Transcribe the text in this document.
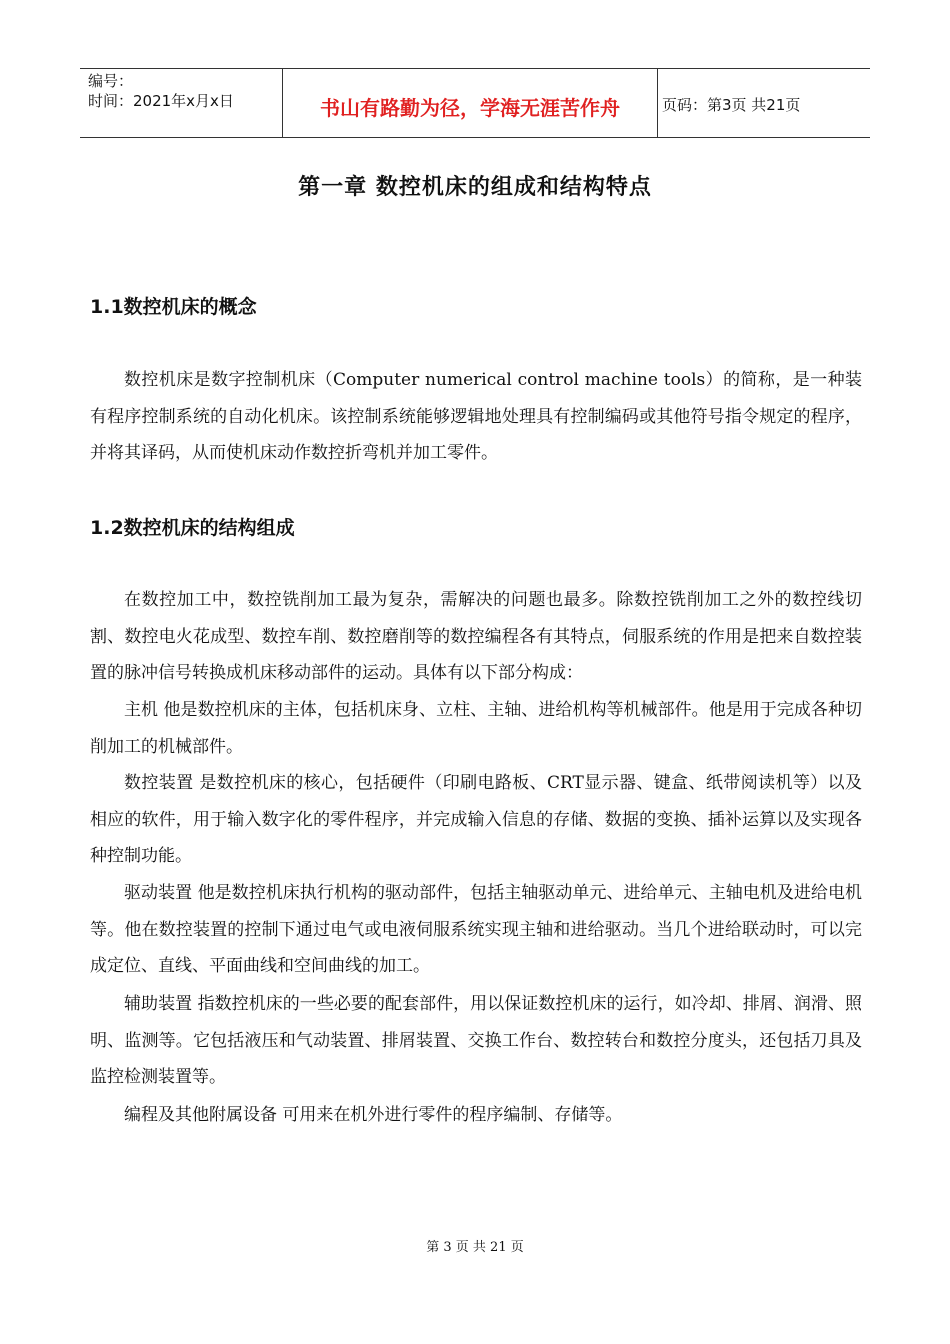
编号：
时间：2021年x月x日	书山有路勤为径，学海无涯苦作舟	页码：第3页 共21页
第一章 数控机床的组成和结构特点
1.1数控机床的概念

数控机床是数字控制机床（Computer numerical control machine tools）的简称，是一种装有程序控制系统的自动化机床。该控制系统能够逻辑地处理具有控制编码或其他符号指令规定的程序，并将其译码，从而使机床动作数控折弯机并加工零件。

1.2数控机床的结构组成

在数控加工中，数控铣削加工最为复杂，需解决的问题也最多。除数控铣削加工之外的数控线切割、数控电火花成型、数控车削、数控磨削等的数控编程各有其特点，伺服系统的作用是把来自数控装置的脉冲信号转换成机床移动部件的运动。具体有以下部分构成：

主机 他是数控机床的主体，包括机床身、立柱、主轴、进给机构等机械部件。他是用于完成各种切削加工的机械部件。

数控装置 是数控机床的核心，包括硬件（印刷电路板、CRT显示器、键盒、纸带阅读机等）以及相应的软件，用于输入数字化的零件程序，并完成输入信息的存储、数据的变换、插补运算以及实现各种控制功能。

驱动装置 他是数控机床执行机构的驱动部件，包括主轴驱动单元、进给单元、主轴电机及进给电机等。他在数控装置的控制下通过电气或电液伺服系统实现主轴和进给驱动。当几个进给联动时，可以完成定位、直线、平面曲线和空间曲线的加工。

辅助装置 指数控机床的一些必要的配套部件，用以保证数控机床的运行，如冷却、排屑、润滑、照明、监测等。它包括液压和气动装置、排屑装置、交换工作台、数控转台和数控分度头，还包括刀具及监控检测装置等。

编程及其他附属设备 可用来在机外进行零件的程序编制、存储等。

第 3 页 共 21 页
